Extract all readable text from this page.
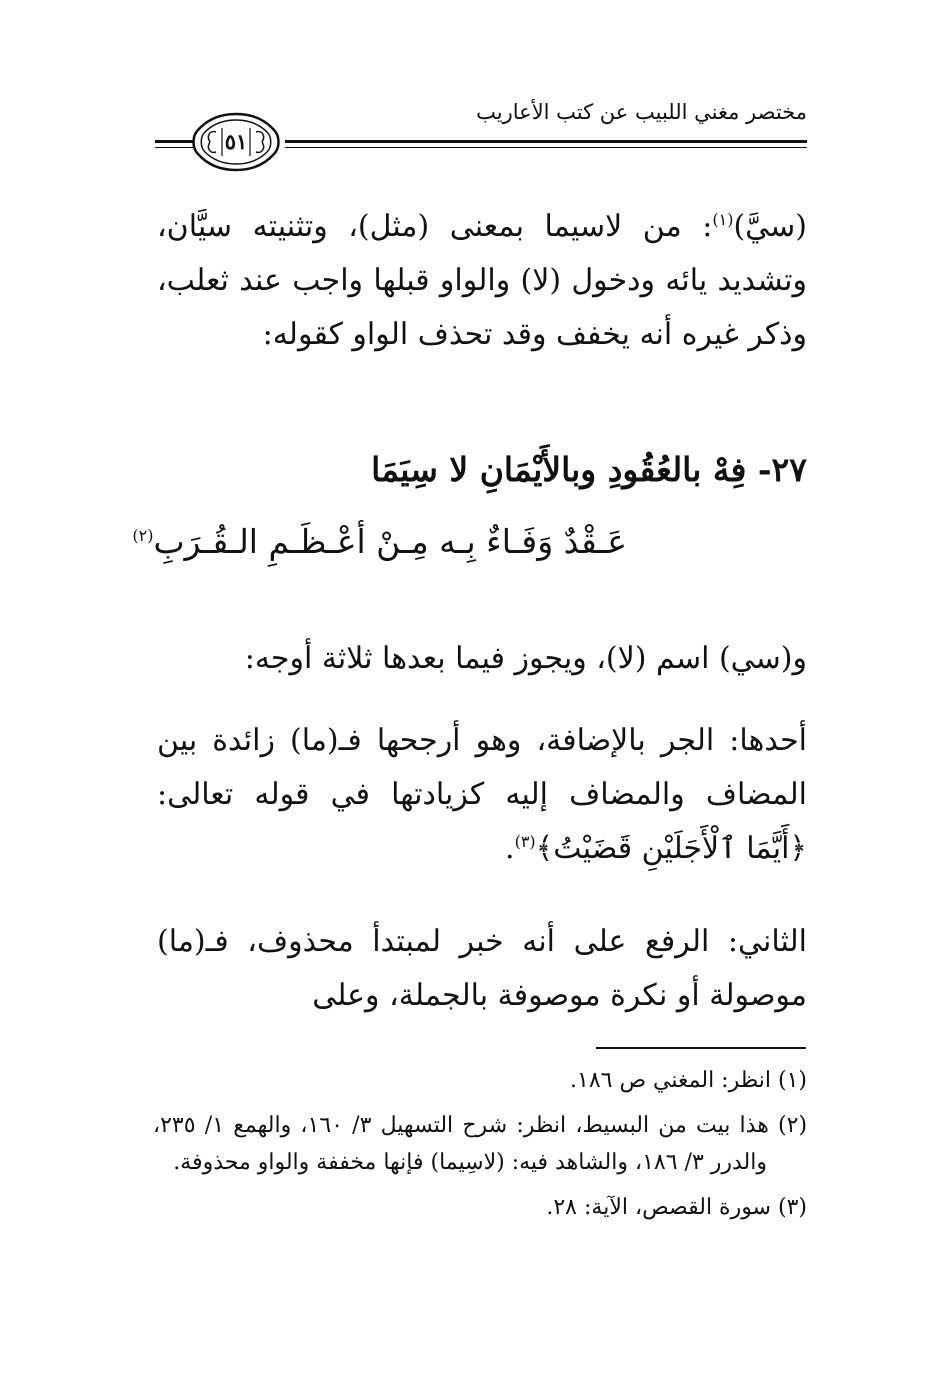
مختصر مغني اللبيب عن كتب الأعاريب
٥١
(سيَّ)$^{(١)}$: من لاسيما بمعنى (مثل)، وتثنيته سيَّان، وتشديد يائه ودخول (لا) والواو قبلها واجب عند ثعلب، وذكر غيره أنه يخفف وقد تحذف الواو كقوله:
٢٧- فِهْ بالعُقُودِ وبالأَيْمَانِ لا سِيَمَا
عَـقْدٌ وَفَـاءٌ بِـه مِـنْ أعْـظَـمِ الـقُـرَبِ$^{(٢)}$
و(سي) اسم (لا)، ويجوز فيما بعدها ثلاثة أوجه:
أحدها: الجر بالإضافة، وهو أرجحها فـ(ما) زائدة بين المضاف والمضاف إليه كزيادتها في قوله تعالى: ﴿أَيَّمَا ٱلْأَجَلَيْنِ قَضَيْتُ﴾$^{(٣)}$.
الثاني: الرفع على أنه خبر لمبتدأ محذوف، فـ(ما) موصولة أو نكرة موصوفة بالجملة، وعلى

(١) انظر: المغني ص ١٨٦.

(٢) هذا بيت من البسيط، انظر: شرح التسهيل ٣/ ١٦٠، والهمع ١/ ٢٣٥، والدرر ٣/ ١٨٦، والشاهد فيه: (لاسِيما) فإنها مخففة والواو محذوفة.

(٣) سورة القصص، الآية: ٢٨.
